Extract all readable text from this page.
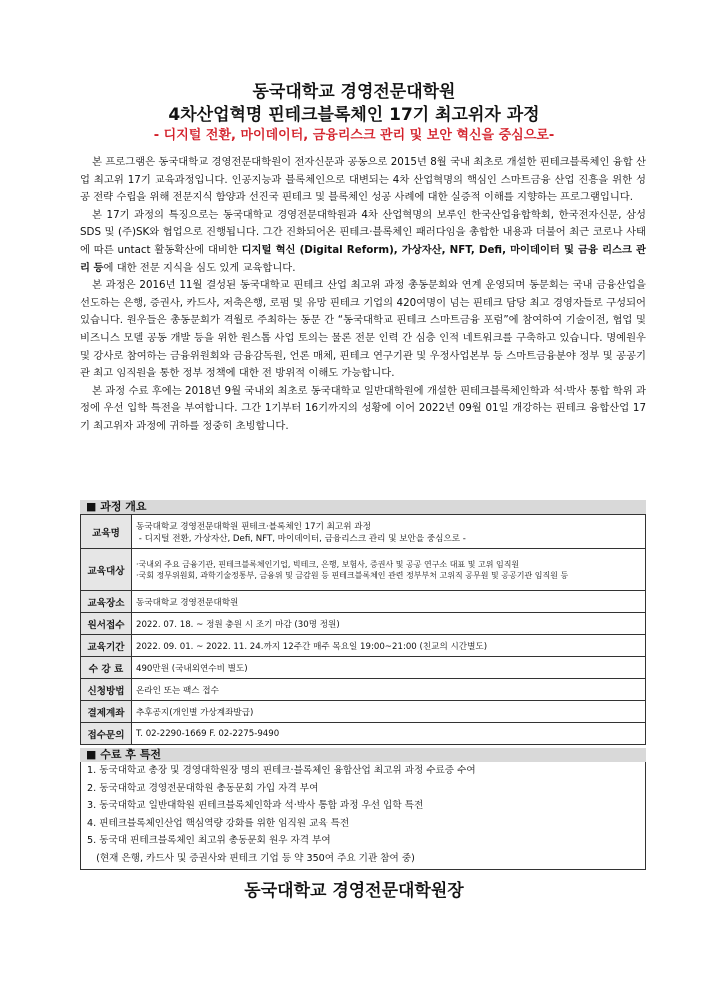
동국대학교 경영전문대학원
4차산업혁명 핀테크블록체인 17기 최고위자 과정
- 디지털 전환, 마이데이터, 금융리스크 관리 및 보안 혁신을 중심으로-

본 프로그램은 동국대학교 경영전문대학원이 전자신문과 공동으로 2015년 8월 국내 최초로 개설한 핀테크블록체인 융합 산업 최고위 17기 교육과정입니다. 인공지능과 블록체인으로 대변되는 4차 산업혁명의 핵심인 스마트금융 산업 진흥을 위한 성공 전략 수립을 위해 전문지식 함양과 선진국 핀테크 및 블록체인 성공 사례에 대한 실증적 이해를 지향하는 프로그램입니다.

본 17기 과정의 특징으로는 동국대학교 경영전문대학원과 4차 산업혁명의 보루인 한국산업융합학회, 한국전자신문, 삼성SDS 및 (주)SK와 협업으로 진행됩니다. 그간 진화되어온 핀테크·블록체인 패러다임을 총합한 내용과 더불어 최근 코로나 사태에 따른 untact 활동확산에 대비한 디지털 혁신 (Digital Reform), 가상자산, NFT, Defi, 마이데이터 및 금융 리스크 관리 등에 대한 전문 지식을 심도 있게 교육합니다.

본 과정은 2016년 11월 결성된 동국대학교 핀테크 산업 최고위 과정 총동문회와 연계 운영되며 동문회는 국내 금융산업을 선도하는 은행, 증권사, 카드사, 저축은행, 로펌 및 유망 핀테크 기업의 420여명이 넘는 핀테크 담당 최고 경영자들로 구성되어 있습니다. 원우들은 총동문회가 격월로 주최하는 동문 간 “동국대학교 핀테크 스마트금융 포럼”에 참여하여 기술이전, 협업 및 비즈니스 모델 공동 개발 등을 위한 원스톱 사업 토의는 물론 전문 인력 간 심층 인적 네트워크를 구축하고 있습니다. 명예원우 및 강사로 참여하는 금융위원회와 금융감독원, 언론 매체, 핀테크 연구기관 및 우정사업본부 등 스마트금융분야 정부 및 공공기관 최고 임직원을 통한 정부 정책에 대한 전 방위적 이해도 가능합니다.

본 과정 수료 후에는 2018년 9월 국내외 최초로 동국대학교 일반대학원에 개설한 핀테크블록체인학과 석·박사 통합 학위 과정에 우선 입학 특전을 부여합니다. 그간 1기부터 16기까지의 성황에 이어 2022년 09월 01일 개강하는 핀테크 융합산업 17기 최고위자 과정에 귀하를 정중히 초빙합니다.

■ 과정 개요
교육명	동국대학교 경영전문대학원 핀테크·블록체인 17기 최고위 과정
- 디지털 전환, 가상자산, Defi, NFT, 마이데이터, 금융리스크 관리 및 보안을 중심으로 -

교육대상	·국내외 주요 금융기관, 핀테크블록체인기업, 빅테크, 은행, 보험사, 증권사 및 공공 연구소 대표 및 고위 임직원
·국회 정무위원회, 과학기술정통부, 금융위 및 금감원 등 핀테크블록체인 관련 정부부처 고위직 공무원 및 공공기관 임직원 등

교육장소	동국대학교 경영전문대학원
원서접수	2022. 07. 18. ~ 정원 충원 시 조기 마감 (30명 정원)
교육기간	2022. 09. 01. ~ 2022. 11. 24.까지 12주간 매주 목요일 19:00~21:00 (친교의 시간별도)
수 강 료	490만원 (국내외연수비 별도)
신청방법	온라인 또는 팩스 접수
결제계좌	추후공지(개인별 가상계좌발급)
접수문의	T. 02-2290-1669 F. 02-2275-9490
■ 수료 후 특전
1. 동국대학교 총장 및 경영대학원장 명의 핀테크·블록체인 융합산업 최고위 과정 수료증 수여
2. 동국대학교 경영전문대학원 총동문회 가입 자격 부여
3. 동국대학교 일반대학원 핀테크블록체인학과 석·박사 통합 과정 우선 입학 특전
4. 핀테크블록체인산업 핵심역량 강화를 위한 임직원 교육 특전
5. 동국대 핀테크블록체인 최고위 총동문회 원우 자격 부여
(현재 은행, 카드사 및 증권사와 핀테크 기업 등 약 350여 주요 기관 참여 중)
동국대학교 경영전문대학원장
